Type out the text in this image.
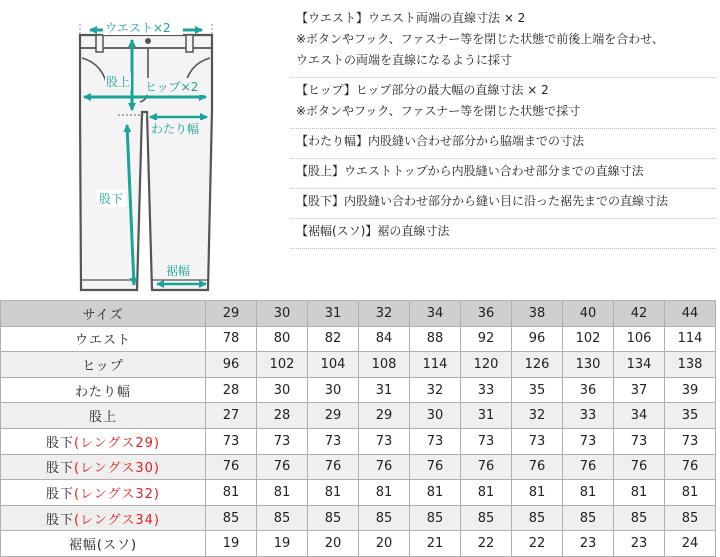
ウエスト×2
股上 ヒップ×2
わたり幅
股下
裾幅
【ウエスト】ウエスト両端の直線寸法 × 2
※ボタンやフック、ファスナー等を閉じた状態で前後上端を合わせ、
ウエストの両端を直線になるように採寸
【ヒップ】ヒップ部分の最大幅の直線寸法 × 2
※ボタンやフック、ファスナー等を閉じた状態で採寸
【わたり幅】内股縫い合わせ部分から脇端までの寸法
【股上】ウエストトップから内股縫い合わせ部分までの直線寸法
【股下】内股縫い合わせ部分から縫い目に沿った裾先までの直線寸法
【裾幅(スソ)】裾の直線寸法
サイズ	29	30	31	32	34	36	38	40	42	44
ウエスト	78	80	82	84	88	92	96	102	106	114
ヒップ	96	102	104	108	114	120	126	130	134	138
わたり幅	28	30	30	31	32	33	35	36	37	39
股上	27	28	29	29	30	31	32	33	34	35
股下(レングス29)	73	73	73	73	73	73	73	73	73	73
股下(レングス30)	76	76	76	76	76	76	76	76	76	76
股下(レングス32)	81	81	81	81	81	81	81	81	81	81
股下(レングス34)	85	85	85	85	85	85	85	85	85	85
裾幅(スソ)	19	19	20	20	21	22	22	23	23	24
